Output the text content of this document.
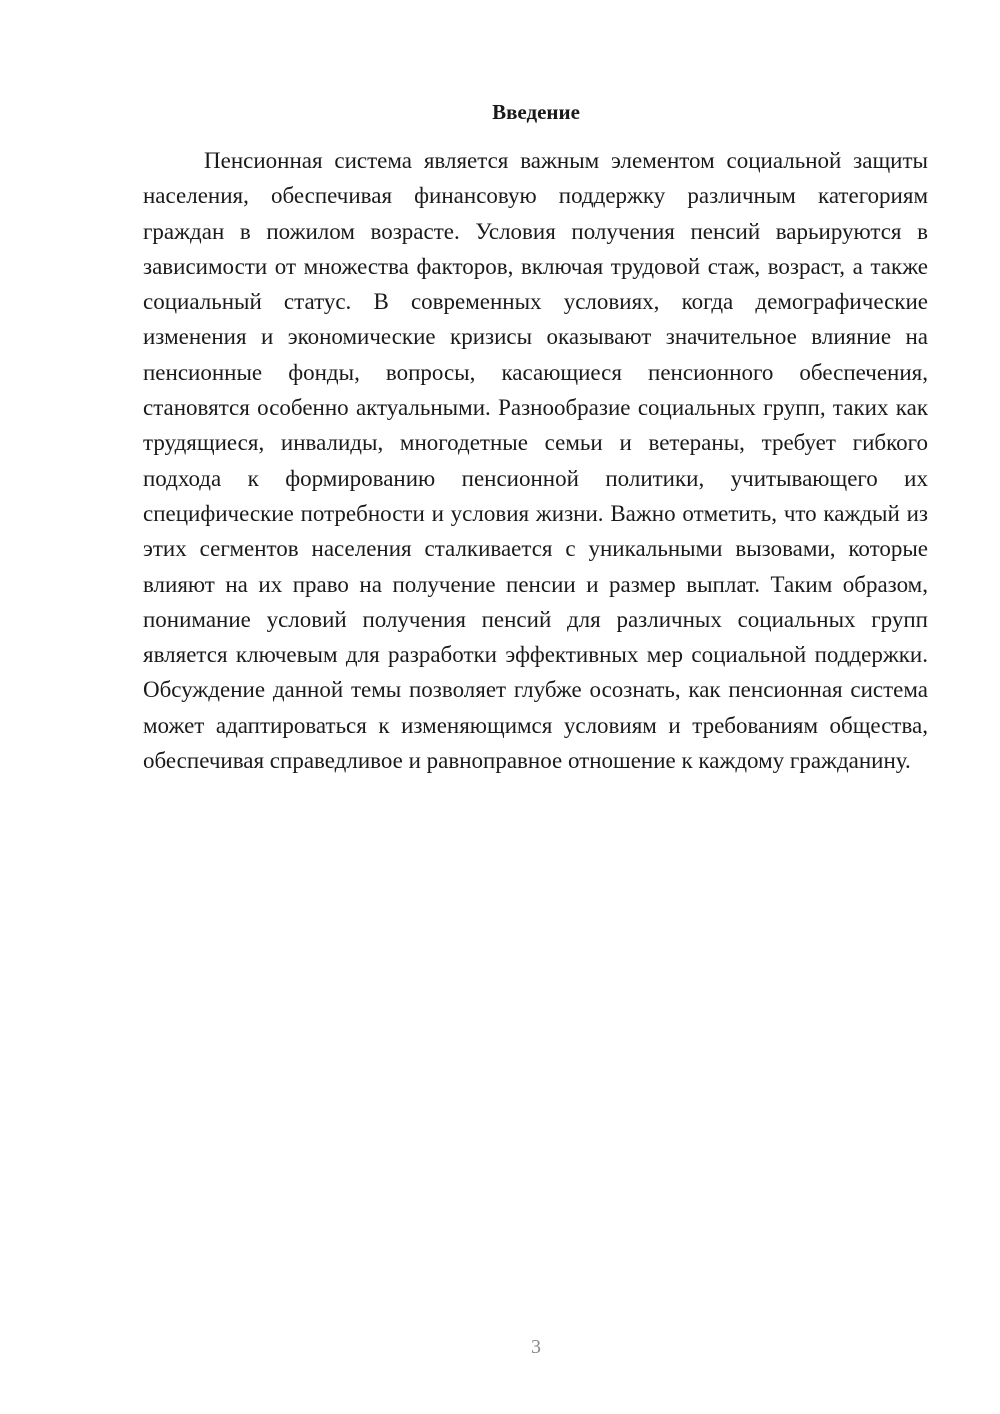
Введение

Пенсионная система является важным элементом социальной защиты населения, обеспечивая финансовую поддержку различным категориям граждан в пожилом возрасте. Условия получения пенсий варьируются в зависимости от множества факторов, включая трудовой стаж, возраст, а также социальный статус. В современных условиях, когда демографические изменения и экономические кризисы оказывают значительное влияние на пенсионные фонды, вопросы, касающиеся пенсионного обеспечения, становятся особенно актуальными. Разнообразие социальных групп, таких как трудящиеся, инвалиды, многодетные семьи и ветераны, требует гибкого подхода к формированию пенсионной политики, учитывающего их специфические потребности и условия жизни. Важно отметить, что каждый из этих сегментов населения сталкивается с уникальными вызовами, которые влияют на их право на получение пенсии и размер выплат. Таким образом, понимание условий получения пенсий для различных социальных групп является ключевым для разработки эффективных мер социальной поддержки. Обсуждение данной темы позволяет глубже осознать, как пенсионная система может адаптироваться к изменяющимся условиям и требованиям общества, обеспечивая справедливое и равноправное отношение к каждому гражданину.

3
